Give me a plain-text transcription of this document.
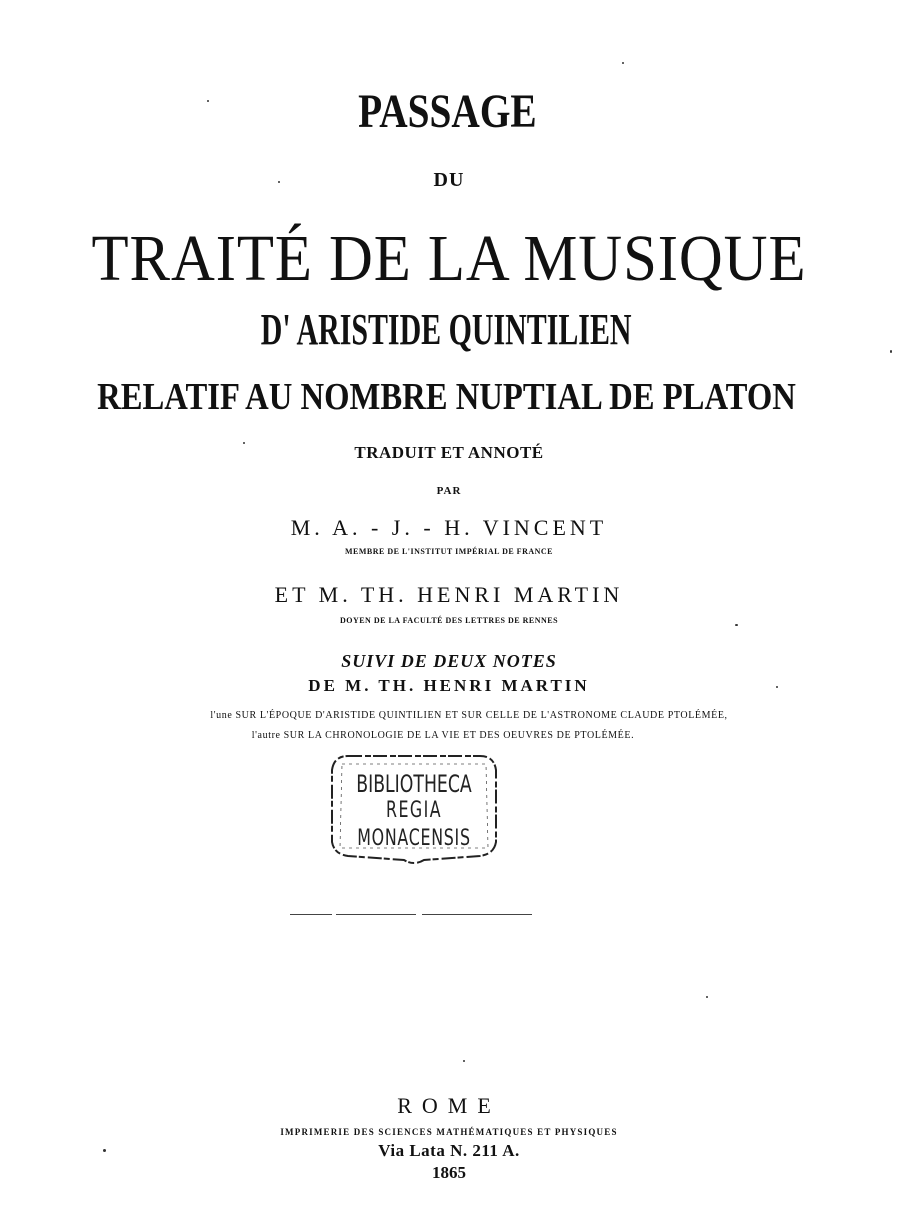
PASSAGE
DU
TRAITÉ DE LA MUSIQUE
D' ARISTIDE QUINTILIEN
RELATIF AU NOMBRE NUPTIAL DE PLATON
TRADUIT ET ANNOTÉ
PAR
M. A. - J. - H. VINCENT
MEMBRE DE L'INSTITUT IMPÉRIAL DE FRANCE
ET M. TH. HENRI MARTIN
DOYEN DE LA FACULTÉ DES LETTRES DE RENNES
SUIVI DE DEUX NOTES
DE M. TH. HENRI MARTIN
l'une SUR L'ÉPOQUE D'ARISTIDE QUINTILIEN ET SUR CELLE DE L'ASTRONOME CLAUDE PTOLÉMÉE,
l'autre SUR LA CHRONOLOGIE DE LA VIE ET DES OEUVRES DE PTOLÉMÉE.
BIBLIOTHECA
REGIA
MONACENSIS
ROME
IMPRIMERIE DES SCIENCES MATHÉMATIQUES ET PHYSIQUES
Via Lata N. 211 A.
1865
